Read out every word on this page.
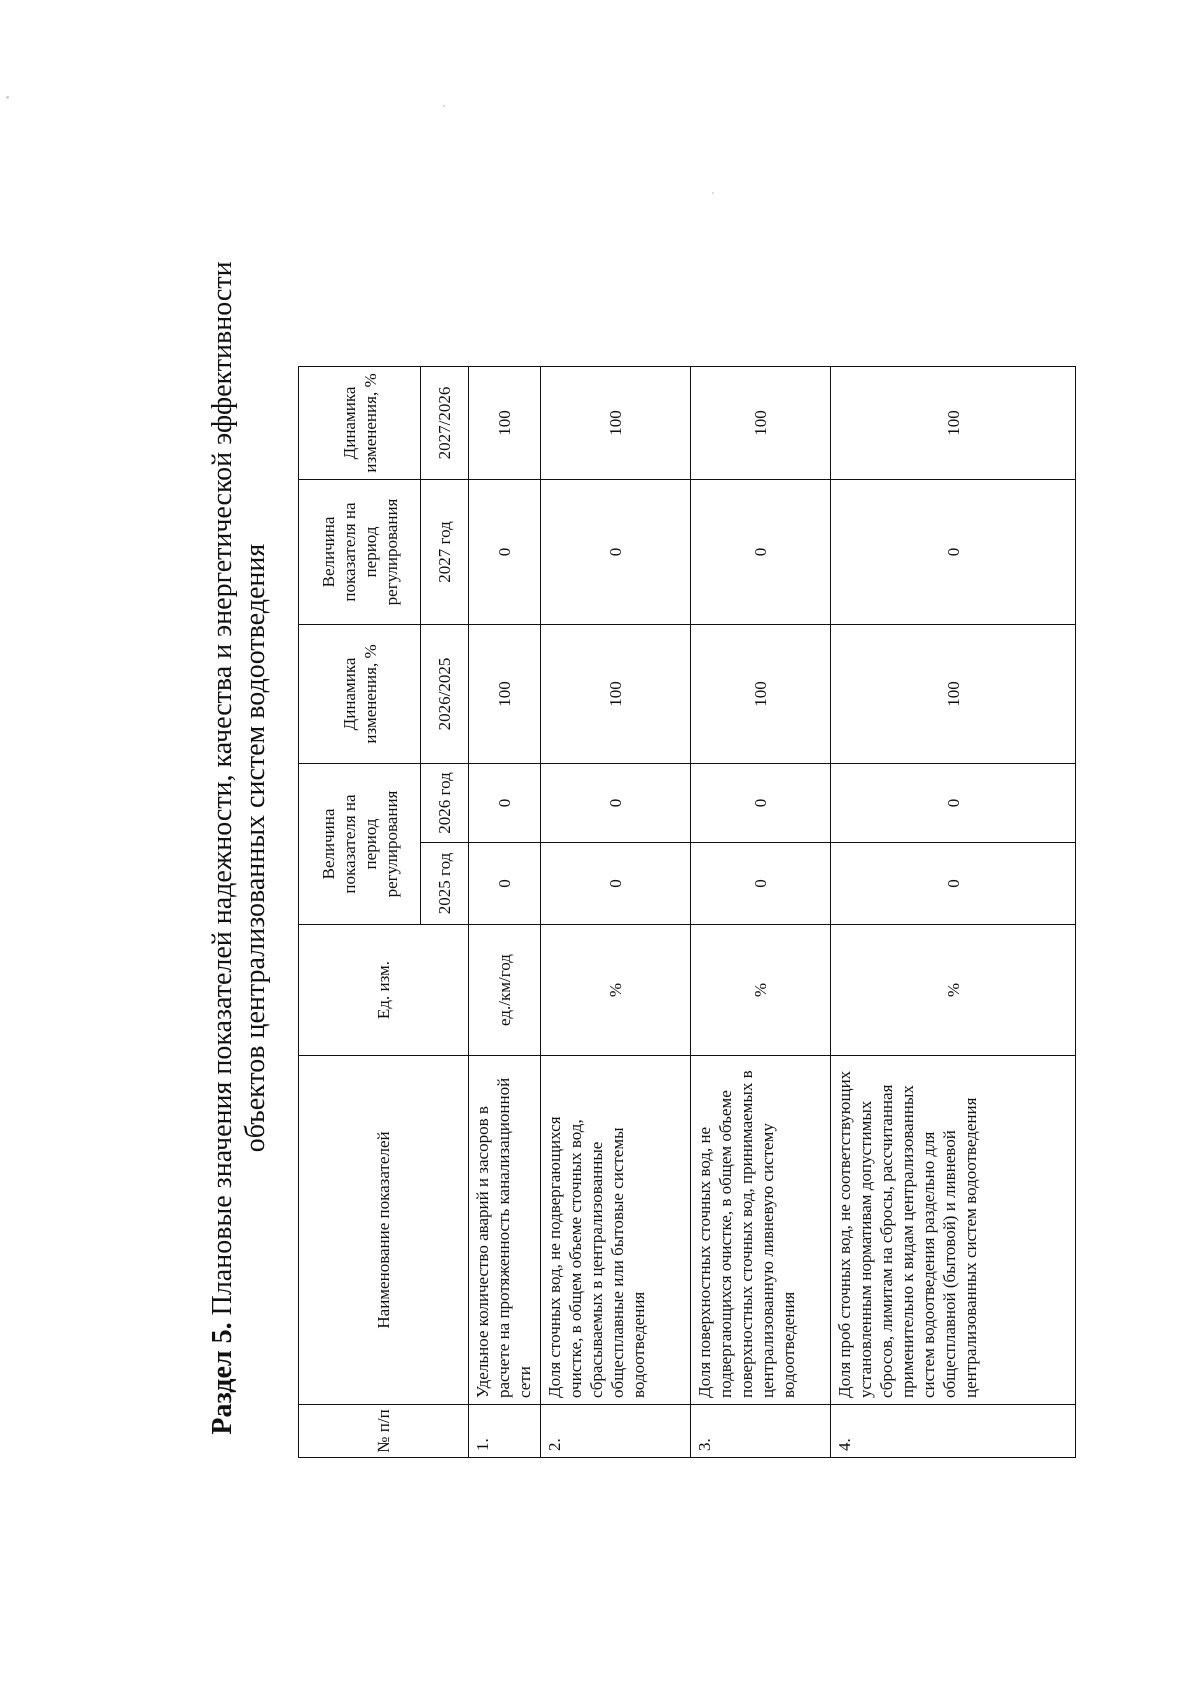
Раздел 5. Плановые значения показателей надежности, качества и энергетической эффективности объектов централизованных систем водоотведения
№ п/п	Наименование показателей	Ед. изм.	Величина показателя на период регулирования		Динамика изменения, %	Величина показателя на период регулирования	Динамика изменения, %
			2025 год	2026 год	2026/2025	2027 год	2027/2026
1.	Удельное количество аварий и засоров в расчете на протяженность канализационной сети	ед./км/год	0	0	100	0	100
2.	Доля сточных вод, не подвергающихся очистке, в общем объеме сточных вод, сбрасываемых в централизованные общесплавные или бытовые системы водоотведения	%	0	0	100	0	100
3.	Доля поверхностных сточных вод, не подвергающихся очистке, в общем объеме поверхностных сточных вод, принимаемых в централизованную ливневую систему водоотведения	%	0	0	100	0	100
4.	Доля проб сточных вод, не соответствующих установленным нормативам допустимых сбросов, лимитам на сбросы, рассчитанная применительно к видам централизованных систем водоотведения раздельно для общесплавной (бытовой) и ливневой централизованных систем водоотведения	%	0	0	100	0	100
